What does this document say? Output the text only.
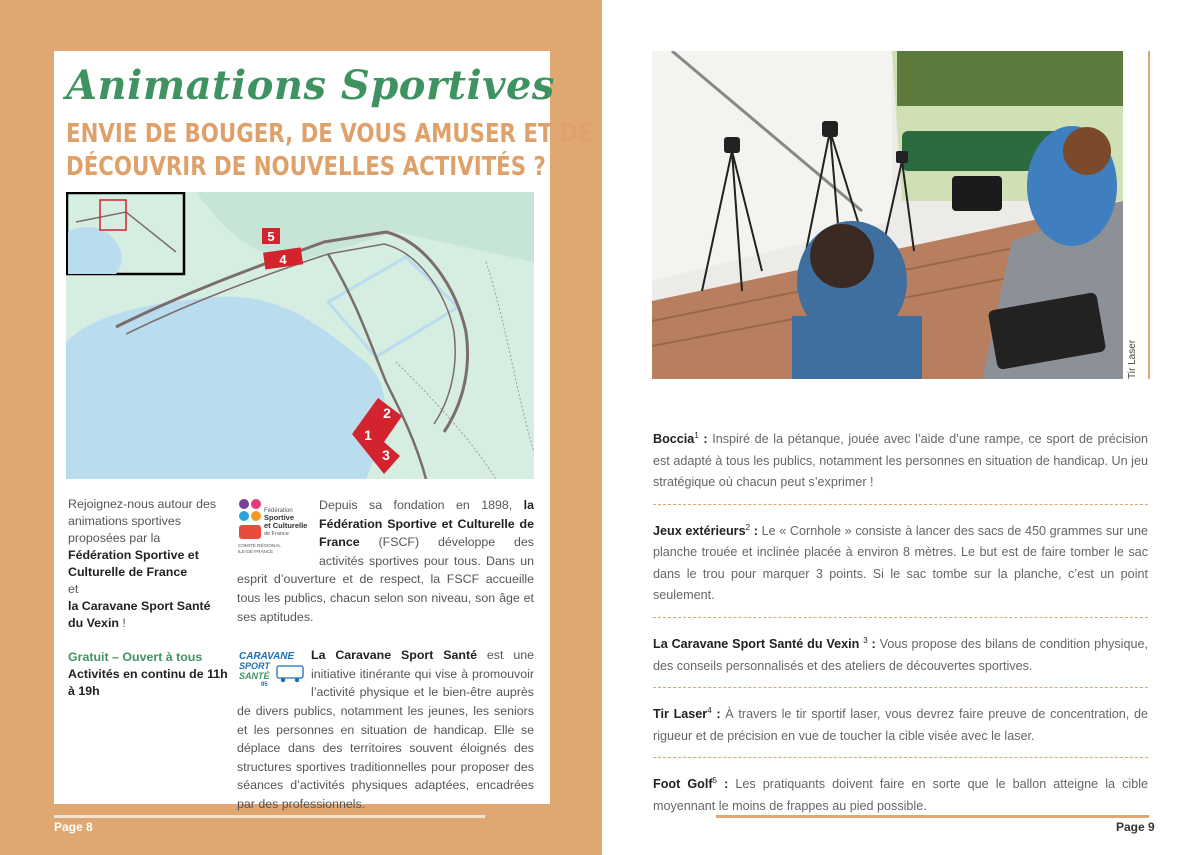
Animations Sportives
ENVIE DE BOUGER, DE VOUS AMUSER ET DE
DÉCOUVRIR DE NOUVELLES ACTIVITÉS ?
5
4
2
1
3
Rejoignez-nous autour des animations sportives proposées par la
Fédération Sportive et Culturelle de France
et
la Caravane Sport Santé du Vexin !
Gratuit – Ouvert à tous
Activités en continu de 11h à 19h
Fédération
Sportive
et Culturelle
de France
COMITÉ RÉGIONAL
ILE-DE-FRANCE

Depuis sa fondation en 1898, la Fédération Sportive et Culturelle de France (FSCF) développe des activités sportives pour tous. Dans un esprit d’ouverture et de respect, la FSCF accueille tous les publics, chacun selon son niveau, son âge et ses aptitudes.

CARAVANE
SPORT
SANTÉ
95

La Caravane Sport Santé est une initiative itinérante qui vise à promouvoir l’activité physique et le bien-être auprès de divers publics, notamment les jeunes, les seniors et les personnes en situation de handicap. Elle se déplace dans des territoires souvent éloignés des structures sportives traditionnelles pour proposer des séances d’activités physiques adaptées, encadrées par des professionnels.

Page 8
Tir Laser
Boccia$^1$ : Inspiré de la pétanque, jouée avec l’aide d’une rampe, ce sport de précision est adapté à tous les publics, notamment les personnes en situation de handicap. Un jeu stratégique où chacun peut s’exprimer !
Jeux extérieurs$^2$ : Le « Cornhole » consiste à lancer des sacs de 450 grammes sur une planche trouée et inclinée placée à environ 8 mètres. Le but est de faire tomber le sac dans le trou pour marquer 3 points. Si le sac tombe sur la planche, c’est un point seulement.
La Caravane Sport Santé du Vexin $^3$ : Vous propose des bilans de condition physique, des conseils personnalisés et des ateliers de découvertes sportives.
Tir Laser$^4$ : À travers le tir sportif laser, vous devrez faire preuve de concentration, de rigueur et de précision en vue de toucher la cible visée avec le laser.
Foot Golf$^5$ : Les pratiquants doivent faire en sorte que le ballon atteigne la cible moyennant le moins de frappes au pied possible.
Page 9
